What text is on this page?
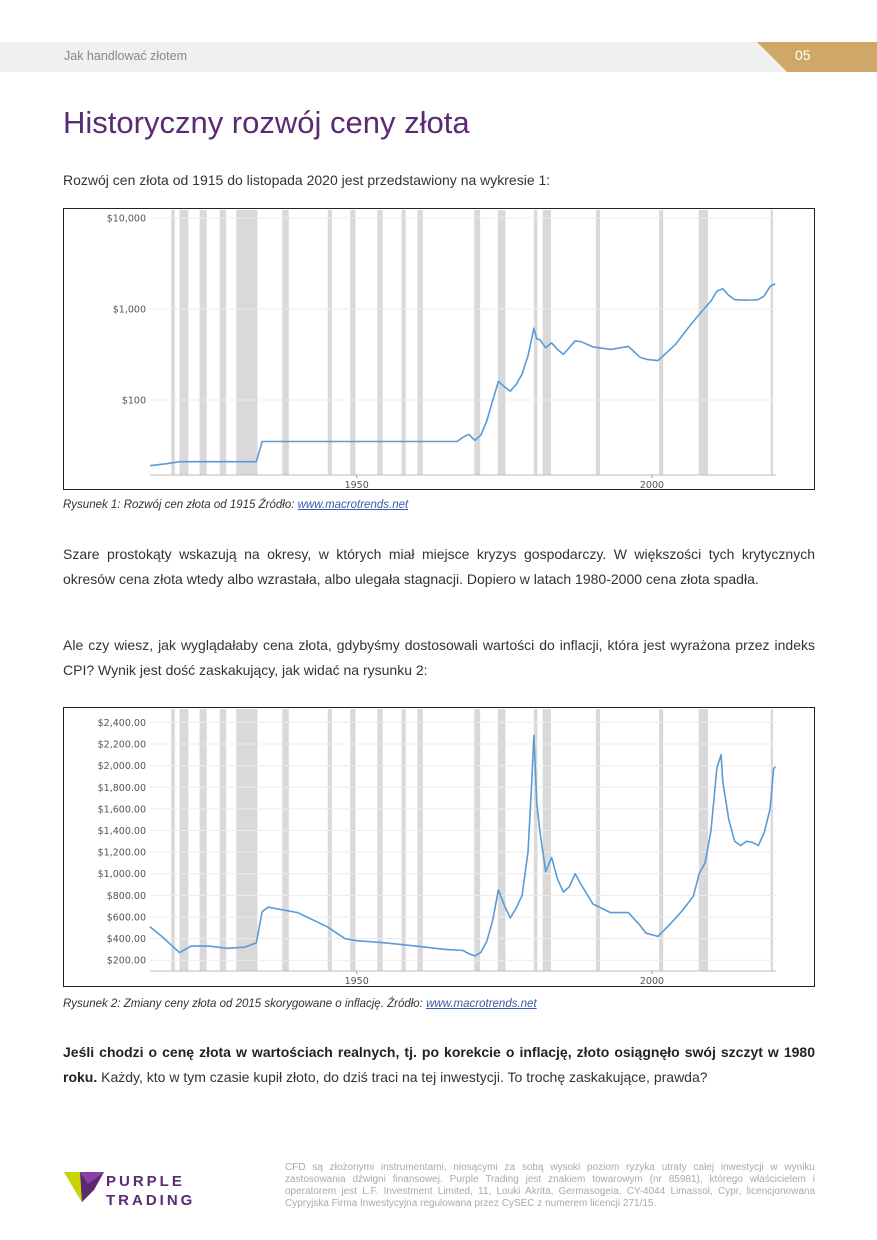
Jak handlować złotem	05
Historyczny rozwój ceny złota

Rozwój cen złota od 1915 do listopada 2020 jest przedstawiony na wykresie 1:

$100
$1,000
$10,000
1950	2000
Rysunek 1: Rozwój cen złota od 1915 Źródło: www.macrotrends.net

Szare prostokąty wskazują na okresy, w których miał miejsce kryzys gospodarczy. W większości tych krytycznych okresów cena złota wtedy albo wzrastała, albo ulegała stagnacji. Dopiero w latach 1980-2000 cena złota spadła.

Ale czy wiesz, jak wyglądałaby cena złota, gdybyśmy dostosowali wartości do inflacji, która jest wyrażona przez indeks CPI? Wynik jest dość zaskakujący, jak widać na rysunku 2:

$200.00
$400.00
$600.00
$800.00
$1,000.00
$1,200.00
$1,400.00
$1,600.00
$1,800.00
$2,000.00
$2,200.00
$2,400.00
1950	2000
Rysunek 2: Zmiany ceny złota od 2015 skorygowane o inflację. Źródło: www.macrotrends.net

Jeśli chodzi o cenę złota w wartościach realnych, tj. po korekcie o inflację, złoto osiągnęło swój szczyt w 1980 roku. Każdy, kto w tym czasie kupił złoto, do dziś traci na tej inwestycji. To trochę zaskakujące, prawda?

PURPLE
TRADING
CFD są złożonymi instrumentami, niosącymi za sobą wysoki poziom ryzyka utraty całej inwestycji w wyniku zastosowania dźwigni finansowej. Purple Trading jest znakiem towarowym (nr 85981), którego właścicielem i operatorem jest L.F. Investment Limited, 11, Louki Akrita, Germasogeia, CY-4044 Limassol, Cypr, licencjonowana Cypryjska Firma Inwestycyjna regulowana przez CySEC z numerem licencji 271/15.
